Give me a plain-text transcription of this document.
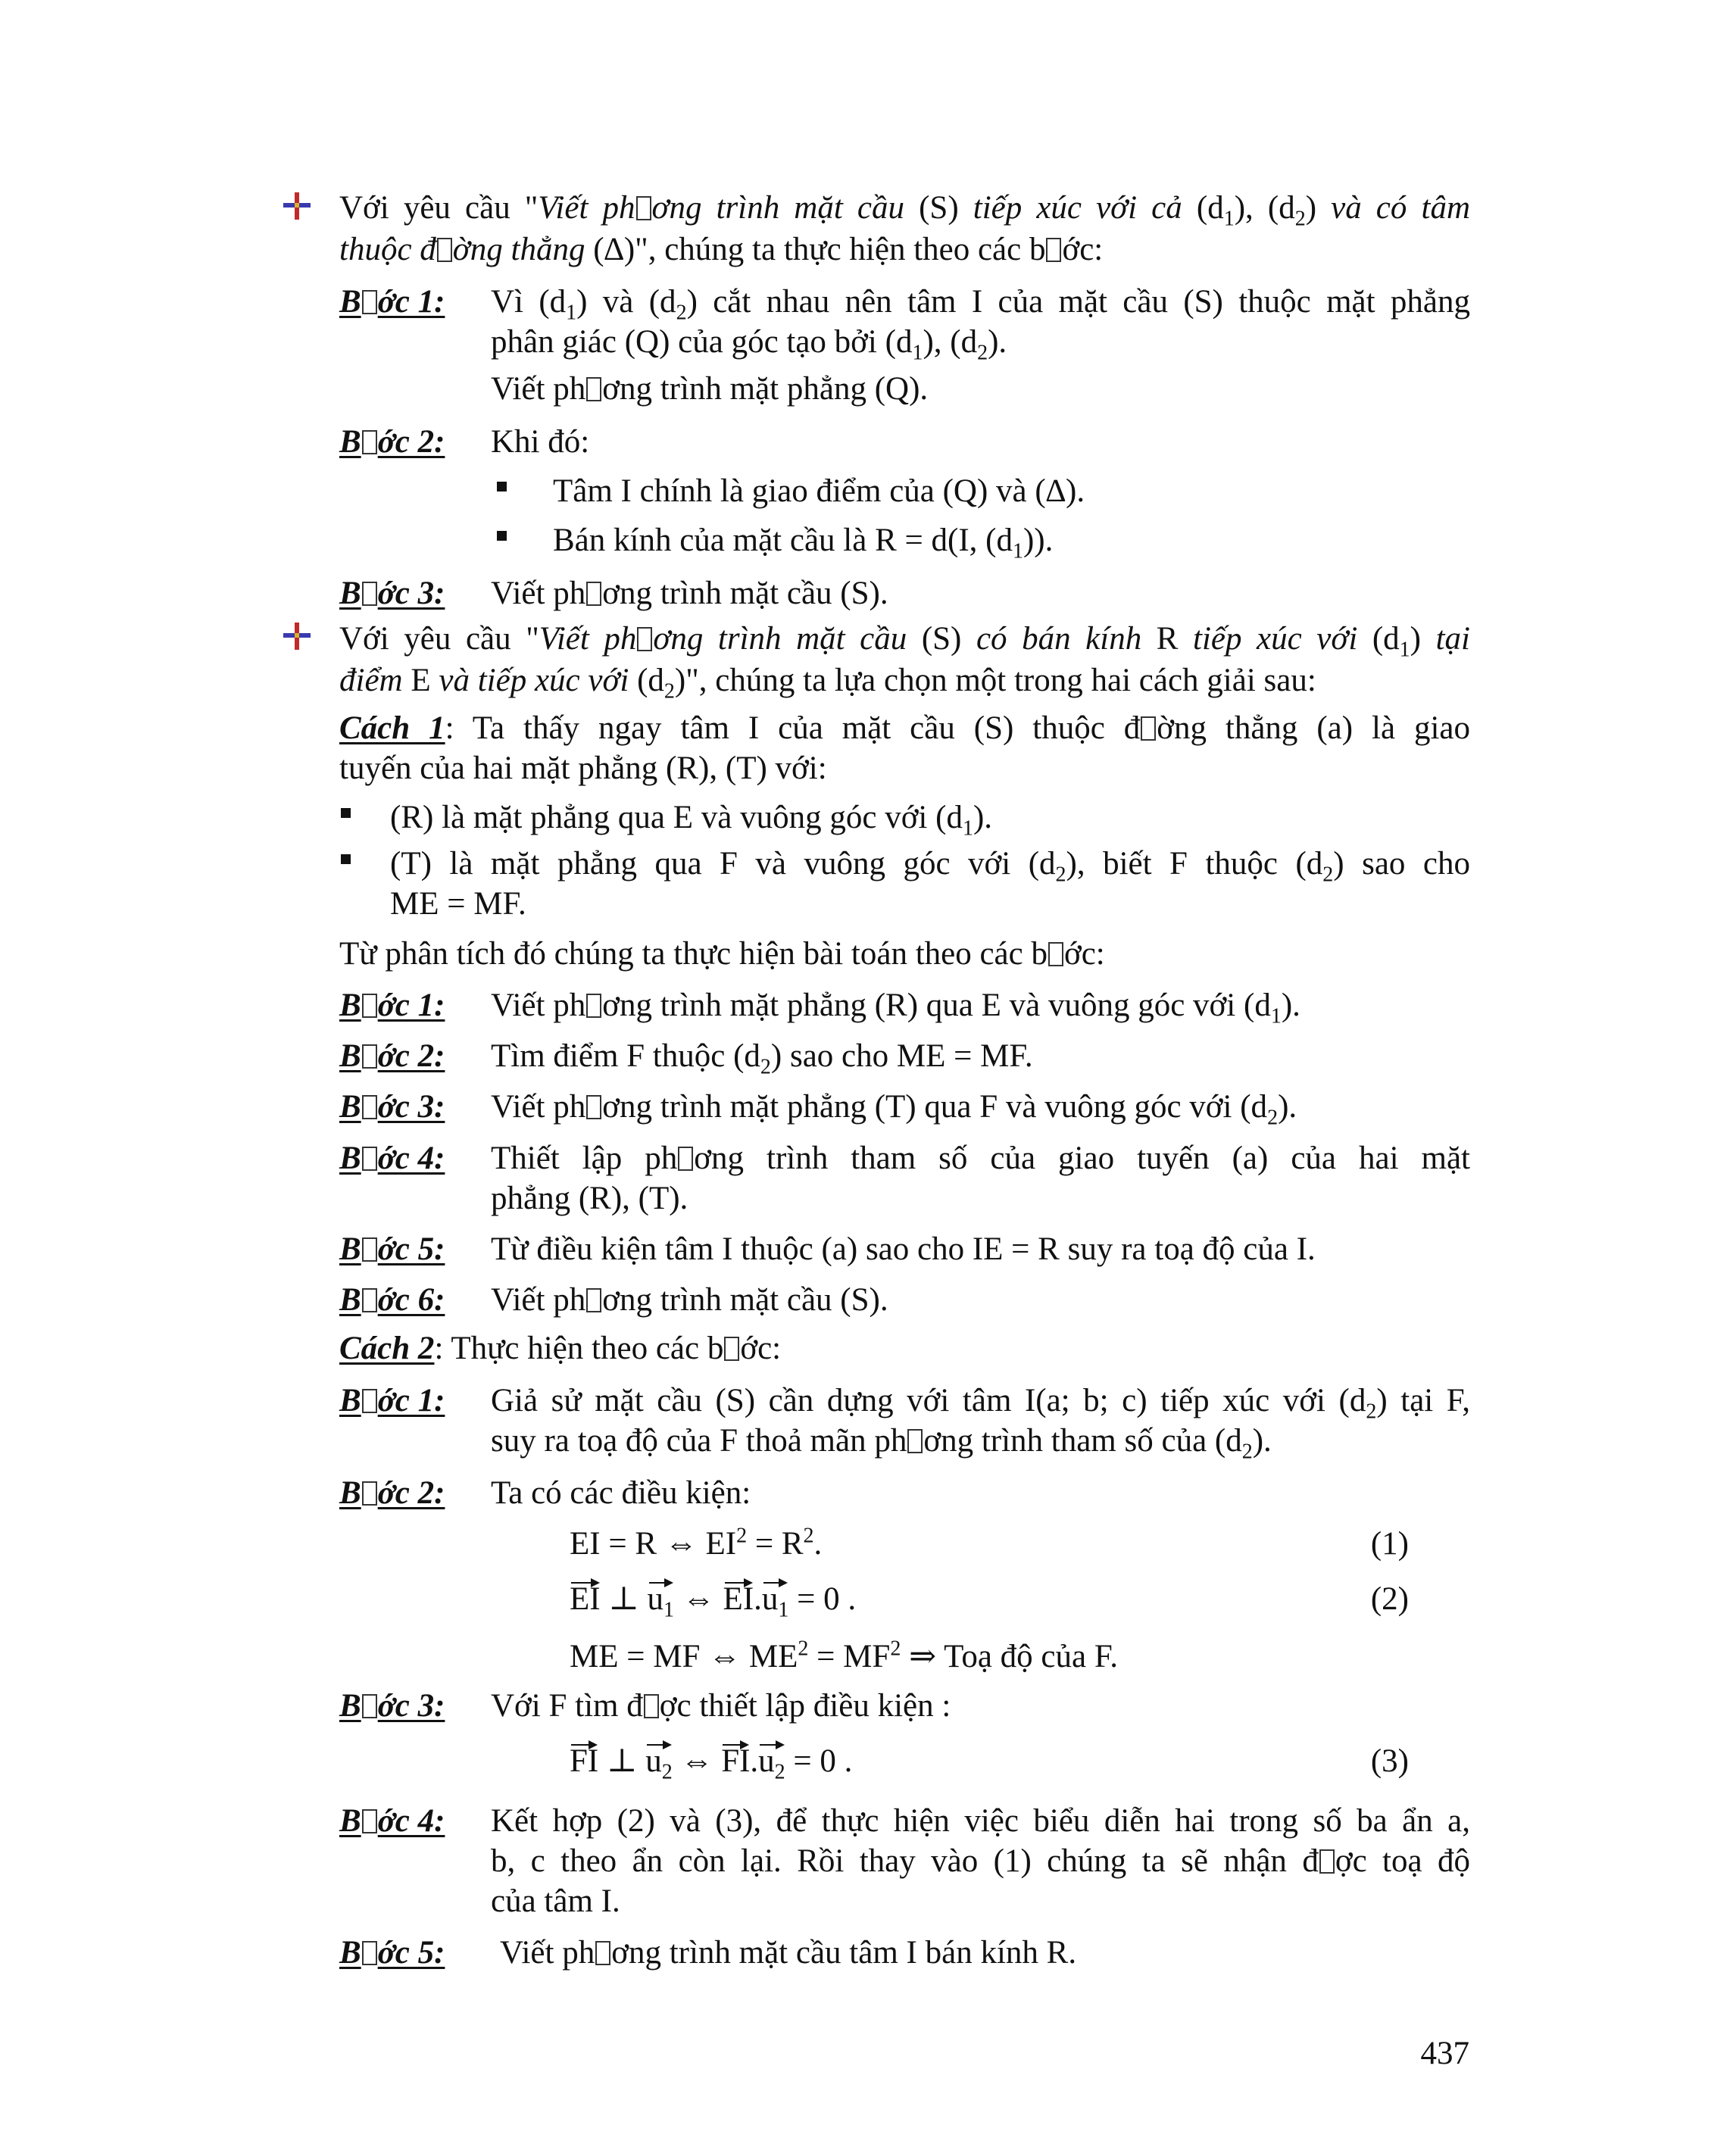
Với yêu cầu "Viết ph ơng trình mặt cầu (S) tiếp xúc với cả $(d_1)$, $(d_2)$ và có tâm
thuộc đ ờng thẳng (∆)", chúng ta thực hiện theo các b ớc:
B ớc 1: Vì $(d_1)$ và $(d_2)$ cắt nhau nên tâm I của mặt cầu (S) thuộc mặt phẳng
phân giác (Q) của góc tạo bởi $(d_1)$, $(d_2)$.
Viết ph ơng trình mặt phẳng (Q).
B ớc 2: Khi đó:
Tâm I chính là giao điểm của (Q) và (∆).
Bán kính của mặt cầu là R = d(I, $(d_1)$).
B ớc 3: Viết ph ơng trình mặt cầu (S).
Với yêu cầu "Viết ph ơng trình mặt cầu (S) có bán kính R tiếp xúc với $(d_1)$ tại
điểm E và tiếp xúc với $(d_2)$", chúng ta lựa chọn một trong hai cách giải sau:
Cách 1: Ta thấy ngay tâm I của mặt cầu (S) thuộc đ ờng thẳng (a) là giao
tuyến của hai mặt phẳng (R), (T) với:
(R) là mặt phẳng qua E và vuông góc với $(d_1)$.
(T) là mặt phẳng qua F và vuông góc với $(d_2)$, biết F thuộc $(d_2)$ sao cho
ME = MF.
Từ phân tích đó chúng ta thực hiện bài toán theo các b ớc:
B ớc 1: Viết ph ơng trình mặt phẳng (R) qua E và vuông góc với $(d_1)$.
B ớc 2: Tìm điểm F thuộc $(d_2)$ sao cho ME = MF.
B ớc 3: Viết ph ơng trình mặt phẳng (T) qua F và vuông góc với $(d_2)$.
B ớc 4: Thiết lập ph ơng trình tham số của giao tuyến (a) của hai mặt
phẳng (R), (T).
B ớc 5: Từ điều kiện tâm I thuộc (a) sao cho IE = R suy ra toạ độ của I.
B ớc 6: Viết ph ơng trình mặt cầu (S).
Cách 2: Thực hiện theo các b ớc:
B ớc 1: Giả sử mặt cầu (S) cần dựng với tâm I(a; b; c) tiếp xúc với $(d_2)$ tại F,
suy ra toạ độ của F thoả mãn ph ơng trình tham số của $(d_2)$.
B ớc 2: Ta có các điều kiện:
EI = R ⇔ $EI^2 = R^2$.	(1)
EI ⊥ $u_1$ ⇔ $EI.u_1 = 0$ .	(2)
ME = MF ⇔ $ME^2 = MF^2$ ⇒ Toạ độ của F.
B ớc 3: Với F tìm đ ợc thiết lập điều kiện :
FI ⊥ $u_2$ ⇔ $FI.u_2 = 0$ .	(3)
B ớc 4: Kết hợp (2) và (3), để thực hiện việc biểu diễn hai trong số ba ẩn a,
b, c theo ẩn còn lại. Rồi thay vào (1) chúng ta sẽ nhận đ ợc toạ độ
của tâm I.
B ớc 5: Viết ph ơng trình mặt cầu tâm I bán kính R.
437
